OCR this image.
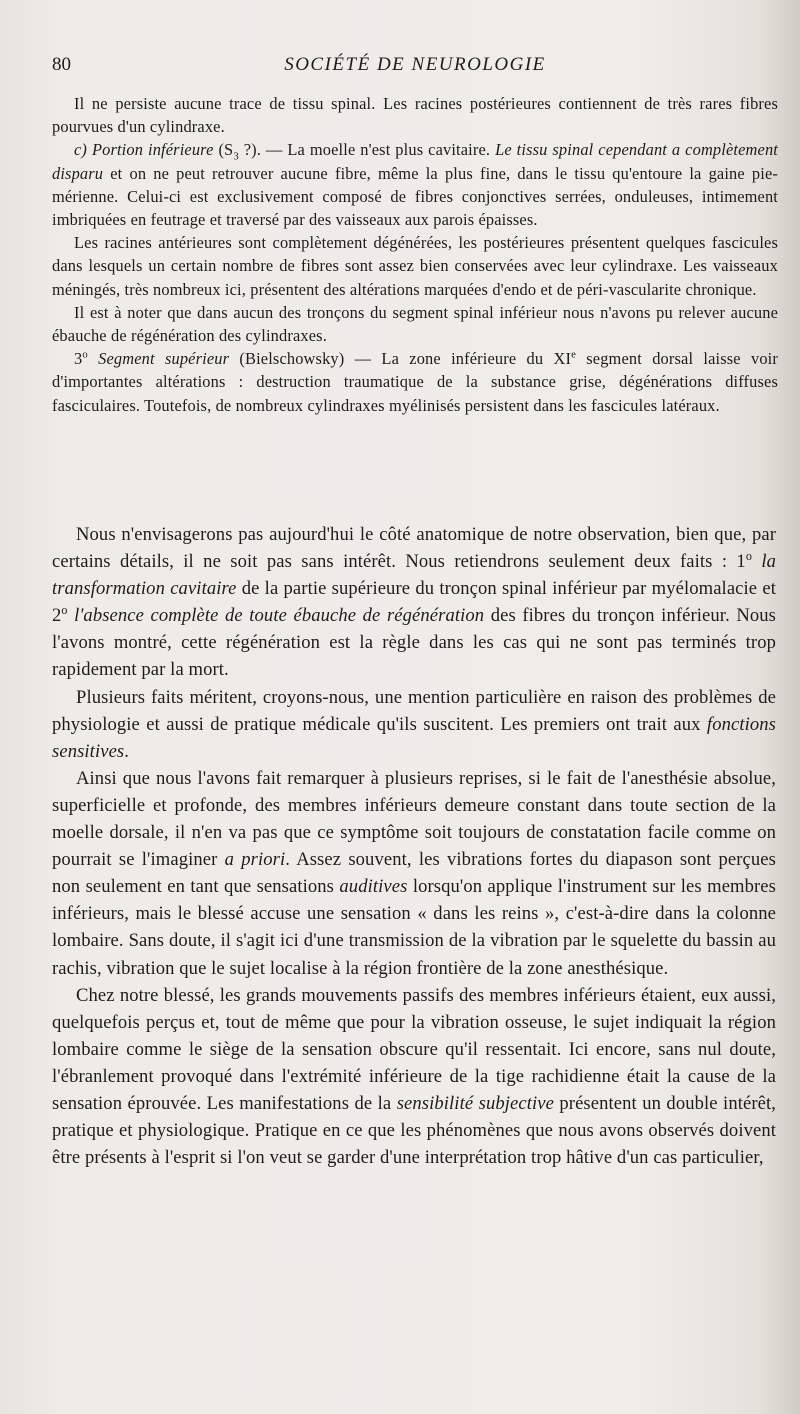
80	SOCIÉTÉ DE NEUROLOGIE

Il ne persiste aucune trace de tissu spinal. Les racines postérieures contiennent de très rares fibres pourvues d'un cylindraxe.

c) Portion inférieure ($S_3$ ?). — La moelle n'est plus cavitaire. Le tissu spinal cependant a complètement disparu et on ne peut retrouver aucune fibre, même la plus fine, dans le tissu qu'entoure la gaine pie-mérienne. Celui-ci est exclusivement composé de fibres conjonctives serrées, onduleuses, intimement imbriquées en feutrage et traversé par des vaisseaux aux parois épaisses.

Les racines antérieures sont complètement dégénérées, les postérieures présentent quelques fascicules dans lesquels un certain nombre de fibres sont assez bien conservées avec leur cylindraxe. Les vaisseaux méningés, très nombreux ici, présentent des altérations marquées d'endo et de péri-vascularite chronique.

Il est à noter que dans aucun des tronçons du segment spinal inférieur nous n'avons pu relever aucune ébauche de régénération des cylindraxes.

3$^o$ Segment supérieur (Bielschowsky) — La zone inférieure du XIe segment dorsal laisse voir d'importantes altérations : destruction traumatique de la substance grise, dégénérations diffuses fasciculaires. Toutefois, de nombreux cylindraxes myélinisés persistent dans les fascicules latéraux.

Nous n'envisagerons pas aujourd'hui le côté anatomique de notre observation, bien que, par certains détails, il ne soit pas sans intérêt. Nous retiendrons seulement deux faits : 1$^o$ la transformation cavitaire de la partie supérieure du tronçon spinal inférieur par myélomalacie et 2$^o$ l'absence complète de toute ébauche de régénération des fibres du tronçon inférieur. Nous l'avons montré, cette régénération est la règle dans les cas qui ne sont pas terminés trop rapidement par la mort.

Plusieurs faits méritent, croyons-nous, une mention particulière en raison des problèmes de physiologie et aussi de pratique médicale qu'ils suscitent. Les premiers ont trait aux fonctions sensitives.

Ainsi que nous l'avons fait remarquer à plusieurs reprises, si le fait de l'anesthésie absolue, superficielle et profonde, des membres inférieurs demeure constant dans toute section de la moelle dorsale, il n'en va pas que ce symptôme soit toujours de constatation facile comme on pourrait se l'imaginer a priori. Assez souvent, les vibrations fortes du diapason sont perçues non seulement en tant que sensations auditives lorsqu'on applique l'instrument sur les membres inférieurs, mais le blessé accuse une sensation « dans les reins », c'est-à-dire dans la colonne lombaire. Sans doute, il s'agit ici d'une transmission de la vibration par le squelette du bassin au rachis, vibration que le sujet localise à la région frontière de la zone anesthésique.

Chez notre blessé, les grands mouvements passifs des membres inférieurs étaient, eux aussi, quelquefois perçus et, tout de même que pour la vibration osseuse, le sujet indiquait la région lombaire comme le siège de la sensation obscure qu'il ressentait. Ici encore, sans nul doute, l'ébranlement provoqué dans l'extrémité inférieure de la tige rachidienne était la cause de la sensation éprouvée. Les manifestations de la sensibilité subjective présentent un double intérêt, pratique et physiologique. Pratique en ce que les phénomènes que nous avons observés doivent être présents à l'esprit si l'on veut se garder d'une interprétation trop hâtive d'un cas particulier,
